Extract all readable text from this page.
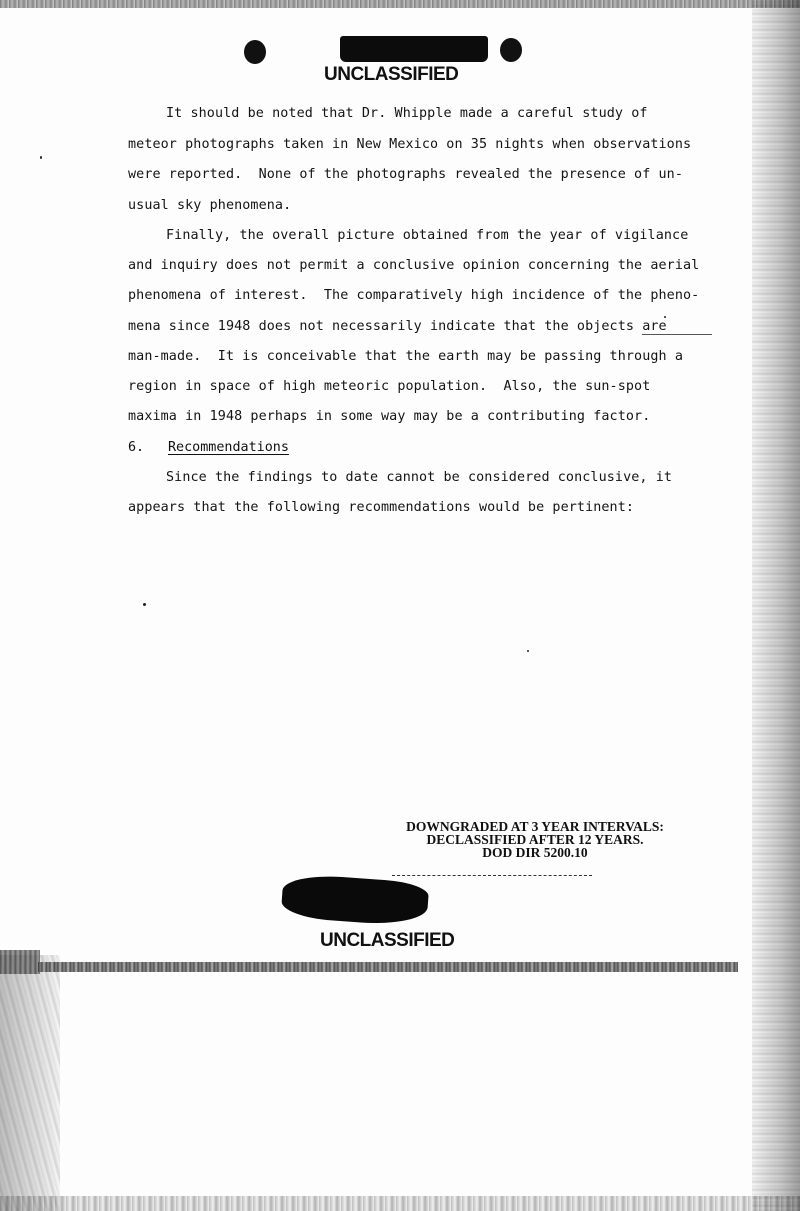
UNCLASSIFIED
It should be noted that Dr. Whipple made a careful study of
meteor photographs taken in New Mexico on 35 nights when observations
were reported.  None of the photographs revealed the presence of un-
usual sky phenomena.
Finally, the overall picture obtained from the year of vigilance
and inquiry does not permit a conclusive opinion concerning the aerial
phenomena of interest.  The comparatively high incidence of the pheno-
mena since 1948 does not necessarily indicate that the objects are
man-made.  It is conceivable that the earth may be passing through a
region in space of high meteoric population.  Also, the sun-spot
maxima in 1948 perhaps in some way may be a contributing factor.
6. Recommendations
Since the findings to date cannot be considered conclusive, it
appears that the following recommendations would be pertinent:
DOWNGRADED AT 3 YEAR INTERVALS:
DECLASSIFIED AFTER 12 YEARS.
DOD DIR 5200.10
UNCLASSIFIED
